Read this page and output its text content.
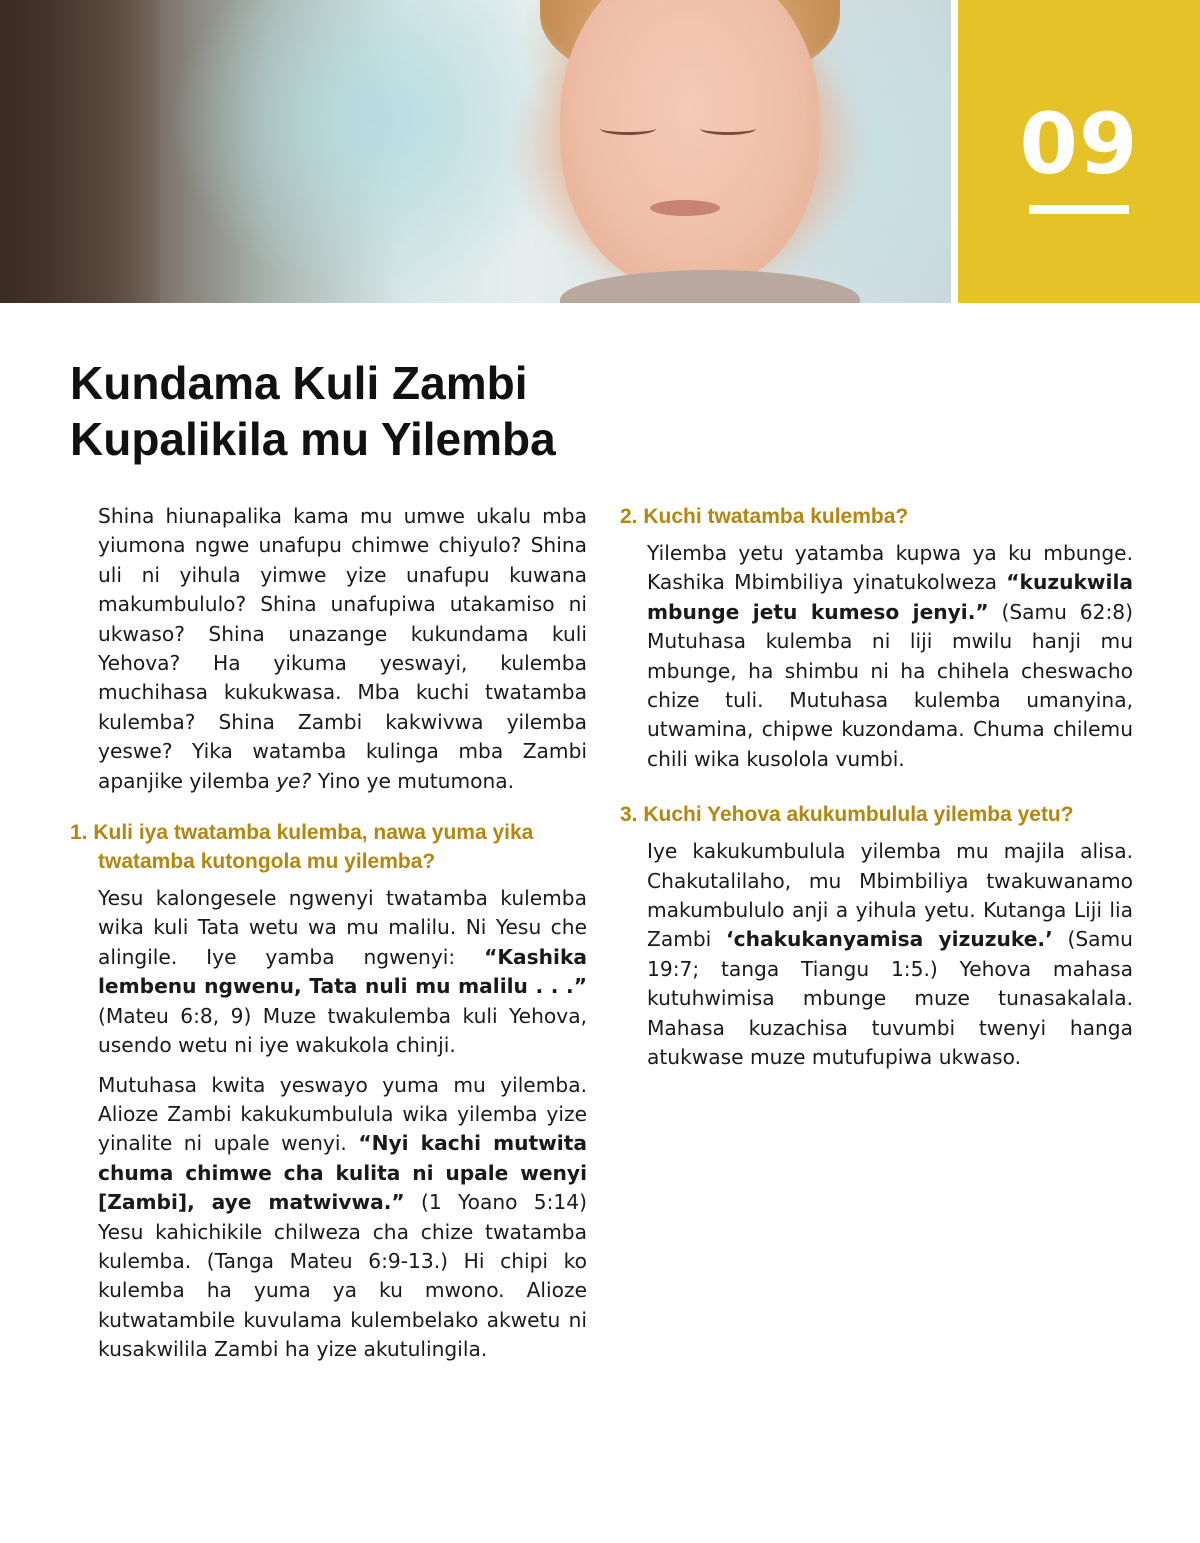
09
Kundama Kuli Zambi
Kupalikila mu Yilemba

Shina hiunapalika kama mu umwe ukalu mba yiumona ngwe unafupu chimwe chiyulo? Shina uli ni yihula yimwe yize unafupu kuwana makumbululo? Shina unafupiwa utakamiso ni ukwaso? Shina unazange kukundama kuli Yehova? Ha yikuma yeswayi, kulemba muchihasa kukukwasa. Mba kuchi twatamba kulemba? Shina Zambi kakwivwa yilemba yeswe? Yika watamba kulinga mba Zambi apanjike yilemba ye? Yino ye mutumona.

1. Kuli iya twatamba kulemba, nawa yuma yika twatamba kutongola mu yilemba?

Yesu kalongesele ngwenyi twatamba kulemba wika kuli Tata wetu wa mu malilu. Ni Yesu che alingile. Iye yamba ngwenyi: “Kashika lembenu ngwenu, Tata nuli mu malilu . . .” (Mateu 6:8, 9) Muze twakulemba kuli Yehova, usendo wetu ni iye wakukola chinji.

Mutuhasa kwita yeswayo yuma mu yilemba. Alioze Zambi kakukumbulula wika yilemba yize yinalite ni upale wenyi. “Nyi kachi mutwita chuma chimwe cha kulita ni upale wenyi [Zambi], aye matwivwa.” (1 Yoano 5:14) Yesu kahichikile chilweza cha chize twatamba kulemba. (Tanga Mateu 6:9-13.) Hi chipi ko kulemba ha yuma ya ku mwono. Alioze kutwatambile kuvulama kulembelako akwetu ni kusakwilila Zambi ha yize akutulingila.

2. Kuchi twatamba kulemba?

Yilemba yetu yatamba kupwa ya ku mbunge. Kashika Mbimbiliya yinatukolweza “kuzukwila mbunge jetu kumeso jenyi.” (Samu 62:8) Mutuhasa kulemba ni liji mwilu hanji mu mbunge, ha shimbu ni ha chihela cheswacho chize tuli. Mutuhasa kulemba umanyina, utwamina, chipwe kuzondama. Chuma chilemu chili wika kusolola vumbi.

3. Kuchi Yehova akukumbulula yilemba yetu?

Iye kakukumbulula yilemba mu majila alisa. Chakutalilaho, mu Mbimbiliya twakuwanamo makumbululo anji a yihula yetu. Kutanga Liji lia Zambi ‘chakukanyamisa yizuzuke.’ (Samu 19:7; tanga Tiangu 1:5.) Yehova mahasa kutuhwimisa mbunge muze tunasakalala. Mahasa kuzachisa tuvumbi twenyi hanga atukwase muze mutufupiwa ukwaso.
